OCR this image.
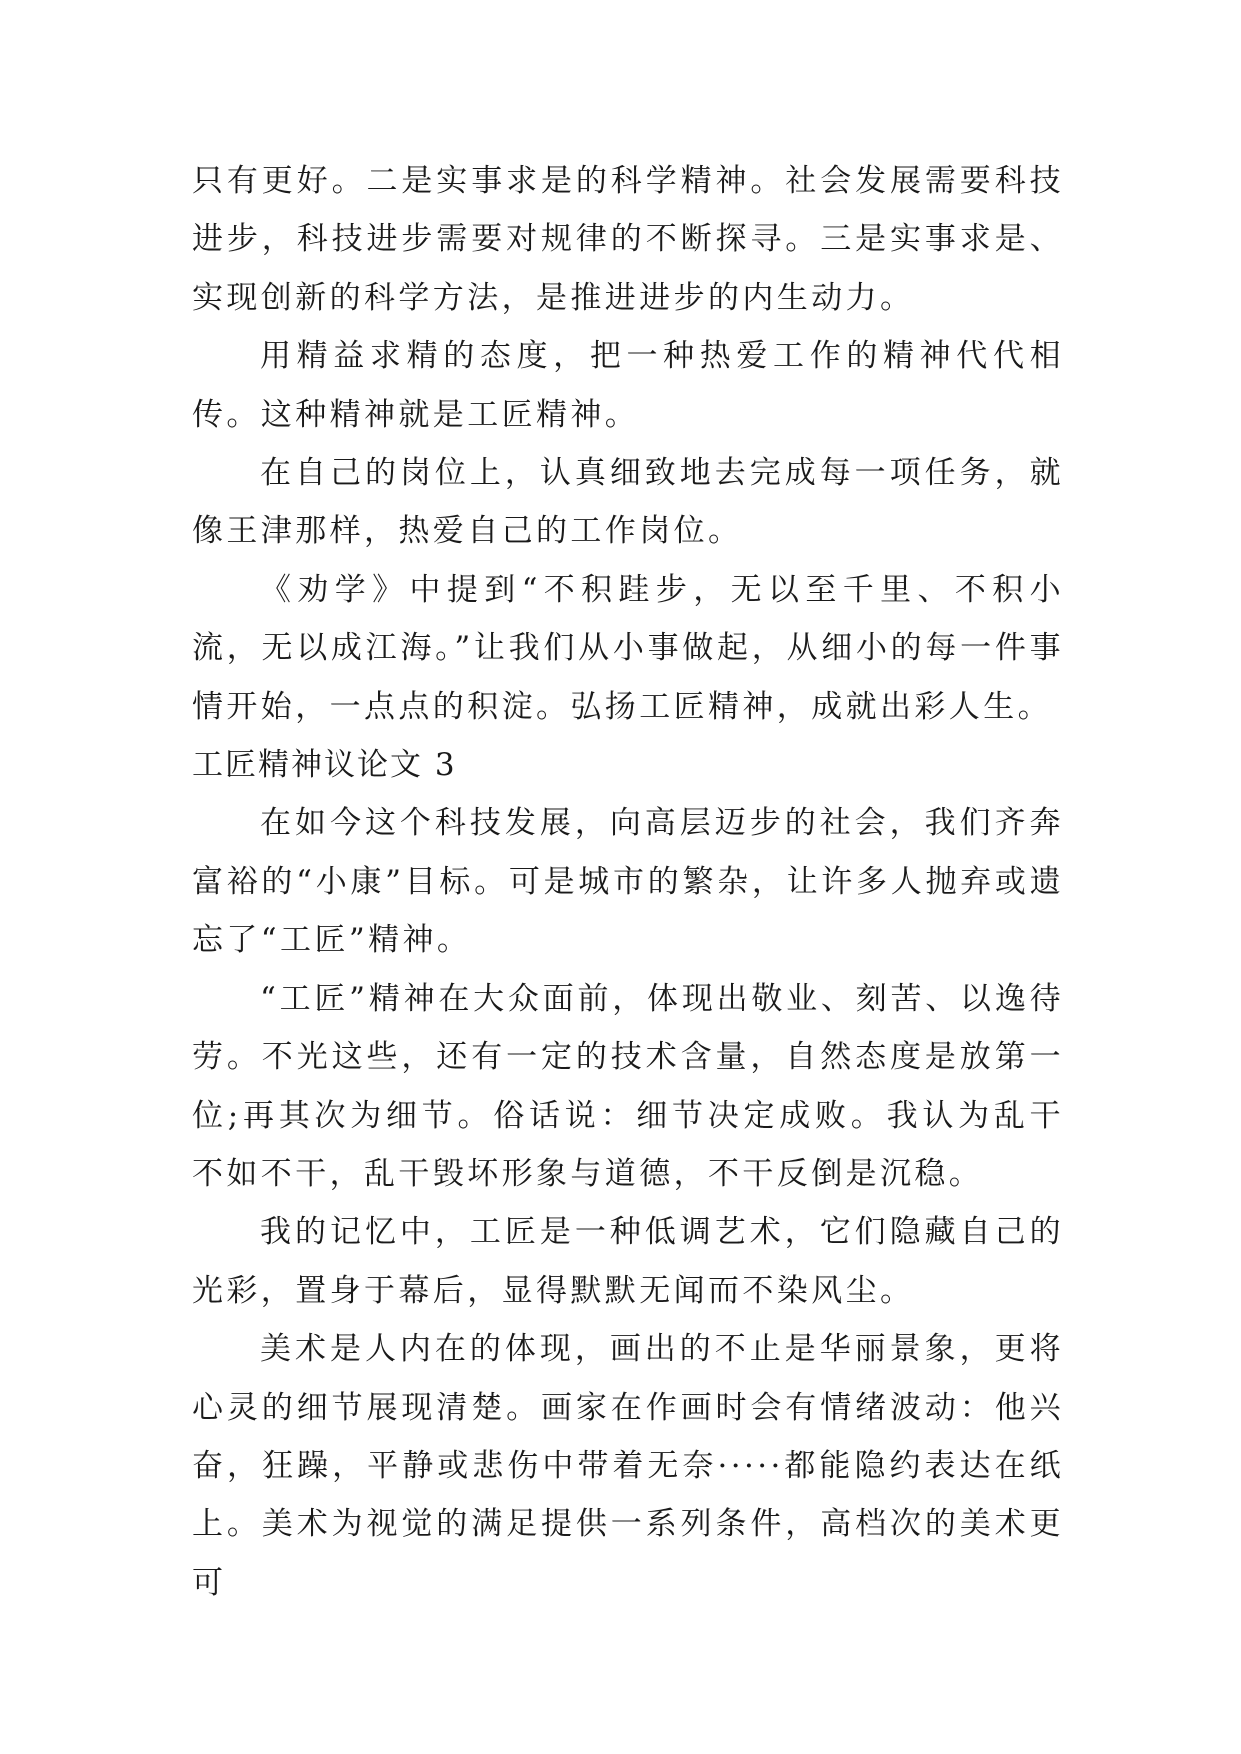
只有更好。二是实事求是的科学精神。社会发展需要科技进步，科技进步需要对规律的不断探寻。三是实事求是、实现创新的科学方法，是推进进步的内生动力。

用精益求精的态度，把一种热爱工作的精神代代相传。这种精神就是工匠精神。

在自己的岗位上，认真细致地去完成每一项任务，就像王津那样，热爱自己的工作岗位。

《劝学》中提到“不积跬步，无以至千里、不积小流，无以成江海。”让我们从小事做起，从细小的每一件事情开始，一点点的积淀。弘扬工匠精神，成就出彩人生。

工匠精神议论文 3

在如今这个科技发展，向高层迈步的社会，我们齐奔富裕的“小康”目标。可是城市的繁杂，让许多人抛弃或遗忘了“工匠”精神。

“工匠”精神在大众面前，体现出敬业、刻苦、以逸待劳。不光这些，还有一定的技术含量，自然态度是放第一位;再其次为细节。俗话说：细节决定成败。我认为乱干不如不干，乱干毁坏形象与道德，不干反倒是沉稳。

我的记忆中，工匠是一种低调艺术，它们隐藏自己的光彩，置身于幕后，显得默默无闻而不染风尘。

美术是人内在的体现，画出的不止是华丽景象，更将心灵的细节展现清楚。画家在作画时会有情绪波动：他兴奋，狂躁，平静或悲伤中带着无奈·····都能隐约表达在纸上。美术为视觉的满足提供一系列条件，高档次的美术更可
